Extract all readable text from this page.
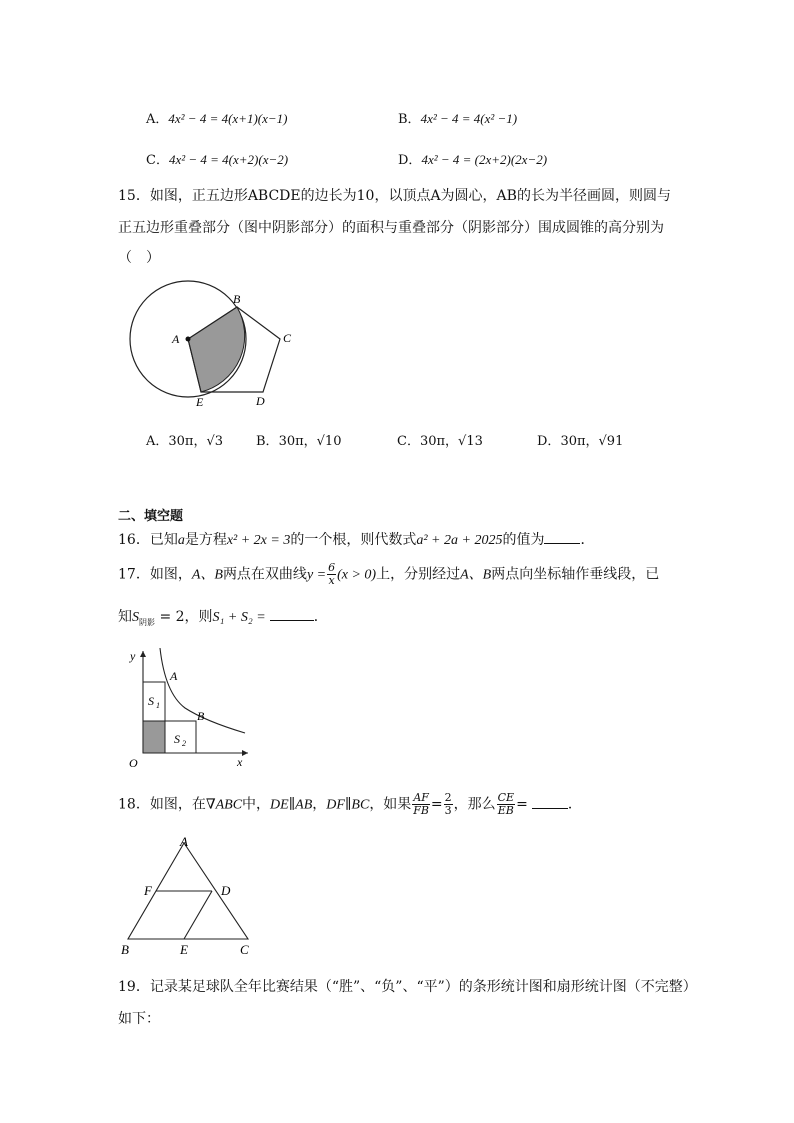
A．4x² − 4 = 4(x+1)(x−1)	B．4x² − 4 = 4(x² −1)
C．4x² − 4 = 4(x+2)(x−2)	D．4x² − 4 = (2x+2)(2x−2)
15．如图，正五边形ABCDE的边长为10，以顶点A为圆心，AB的长为半径画圆，则圆与
正五边形重叠部分（图中阴影部分）的面积与重叠部分（阴影部分）围成圆锥的高分别为
（　）
A
B
C
D
E
A．30π，√3	B．30π，√10	C．30π，√13	D．30π，√91
二、填空题
16．已知a是方程x² + 2x = 3的一个根，则代数式a² + 2a + 2025的值为	．
17．如图，A、B两点在双曲线$y = \frac{6}{x} (x > 0)$上，分别经过A、B两点向坐标轴作垂线段，已
知$S_{阴影} = 2$，则S₁ + S₂ =	．
y
x
O
A
B
S 1
S 2
18．如图，在∇ABC中，DE∥AB，DF∥BC，如果 $\frac{AF}{FB} = \frac{2}{3}$ ，那么 $\frac{CE}{EB}$ =	．
A
B	C
D
E
F
19．记录某足球队全年比赛结果（“胜”、“负”、“平”）的条形统计图和扇形统计图（不完整）
如下：
